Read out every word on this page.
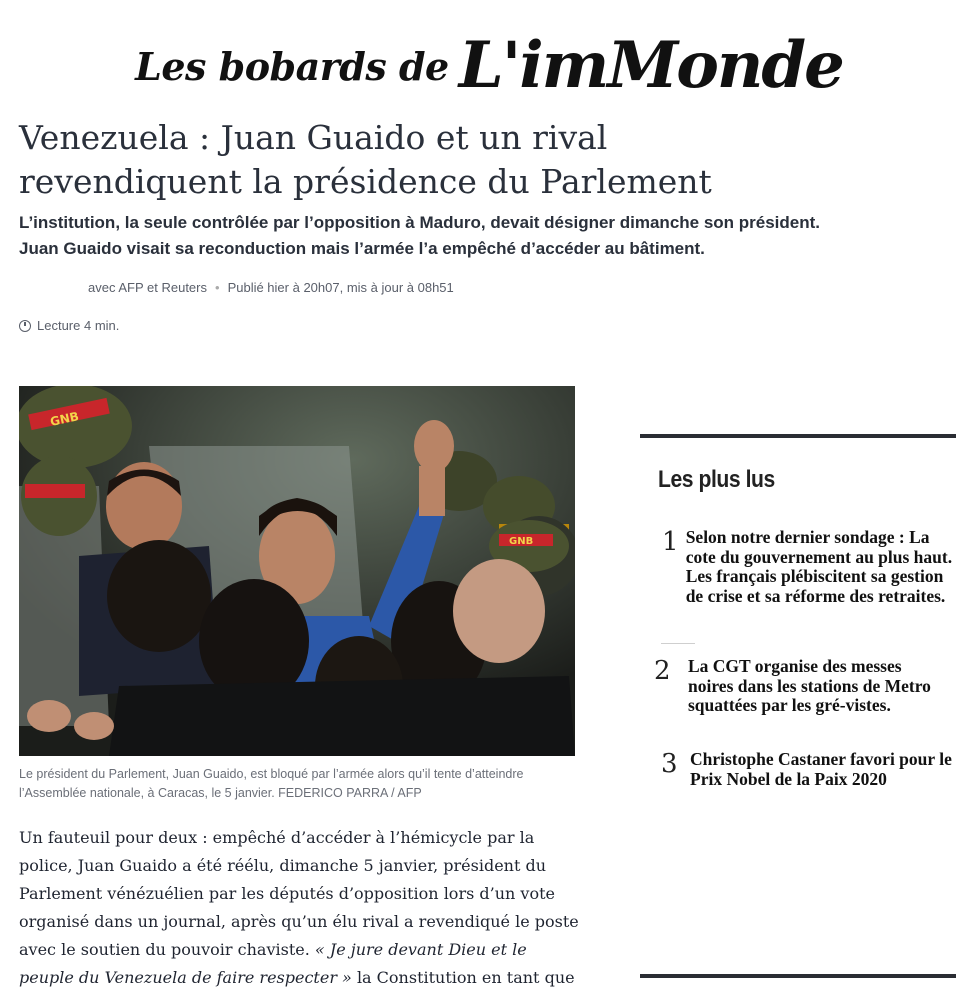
Les bobards de L'imMonde
Venezuela : Juan Guaido et un rival revendiquent la présidence du Parlement

L’institution, la seule contrôlée par l’opposition à Maduro, devait désigner dimanche son président. Juan Guaido visait sa reconduction mais l’armée l’a empêché d’accéder au bâtiment.

avec AFP et Reuters • Publié hier à 20h07, mis à jour à 08h51
Lecture 4 min.
GNB
GNB

Le président du Parlement, Juan Guaido, est bloqué par l’armée alors qu’il tente d’atteindre l’Assemblée nationale, à Caracas, le 5 janvier. FEDERICO PARRA / AFP

Un fauteuil pour deux : empêché d’accéder à l’hémicycle par la police, Juan Guaido a été réélu, dimanche 5 janvier, président du Parlement vénézuélien par les députés d’opposition lors d’un vote organisé dans un journal, après qu’un élu rival a revendiqué le poste avec le soutien du pouvoir chaviste. « Je jure devant Dieu et le peuple du Venezuela de faire respecter » la Constitution en tant que

Les plus lus
1 Selon notre dernier sondage : La cote du gouvernement au plus haut. Les français plébiscitent sa gestion de crise et sa réforme des retraites.
2 La CGT organise des messes noires dans les stations de Metro squattées par les gré-vistes.
3 Christophe Castaner favori pour le Prix Nobel de la Paix 2020
